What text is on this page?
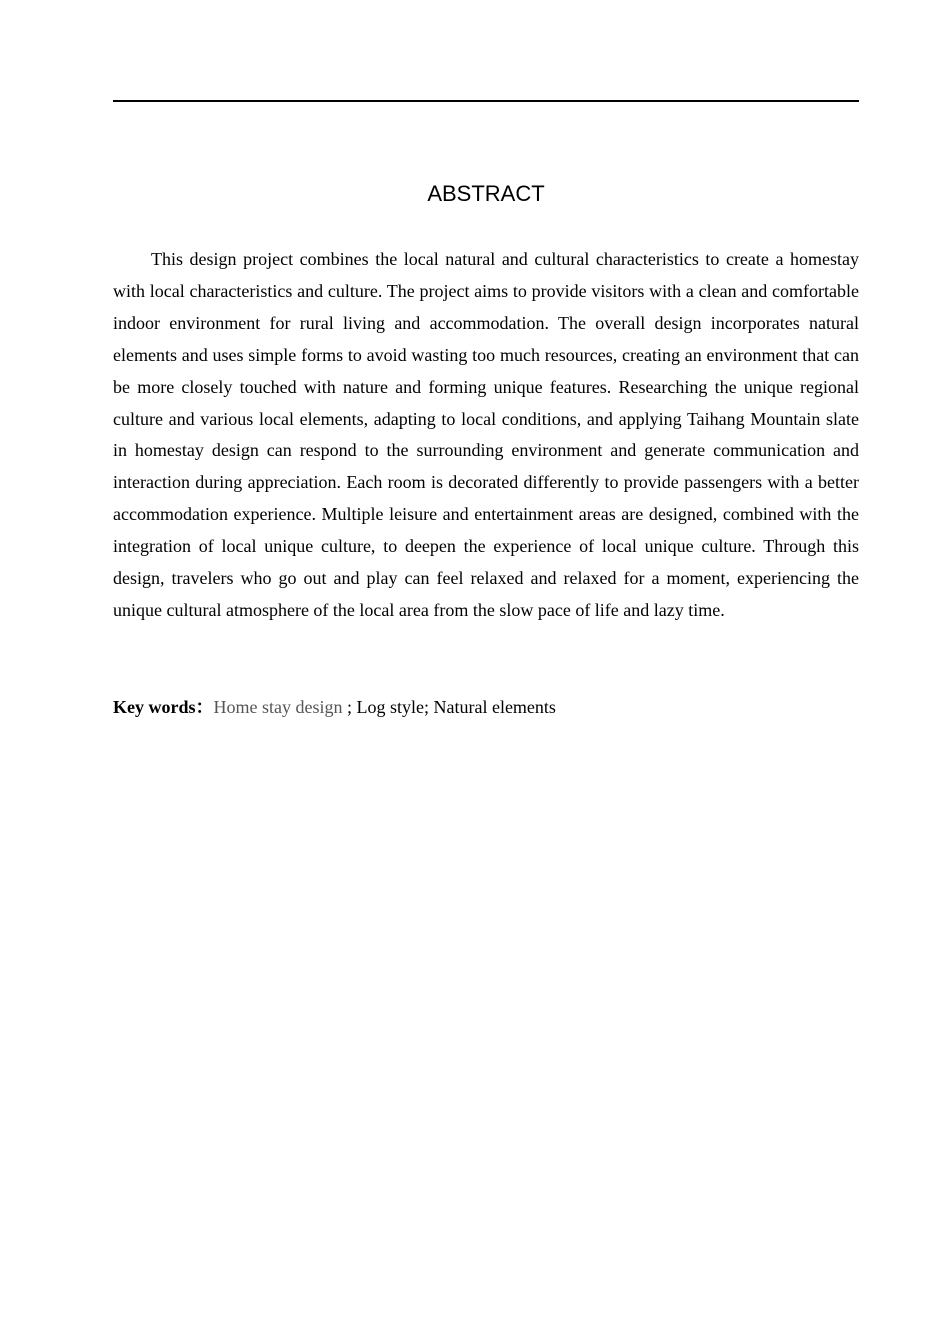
ABSTRACT

This design project combines the local natural and cultural characteristics to create a homestay with local characteristics and culture. The project aims to provide visitors with a clean and comfortable indoor environment for rural living and accommodation. The overall design incorporates natural elements and uses simple forms to avoid wasting too much resources, creating an environment that can be more closely touched with nature and forming unique features. Researching the unique regional culture and various local elements, adapting to local conditions, and applying Taihang Mountain slate in homestay design can respond to the surrounding environment and generate communication and interaction during appreciation. Each room is decorated differently to provide passengers with a better accommodation experience. Multiple leisure and entertainment areas are designed, combined with the integration of local unique culture, to deepen the experience of local unique culture. Through this design, travelers who go out and play can feel relaxed and relaxed for a moment, experiencing the unique cultural atmosphere of the local area from the slow pace of life and lazy time.

Key words：Home stay design ; Log style; Natural elements
